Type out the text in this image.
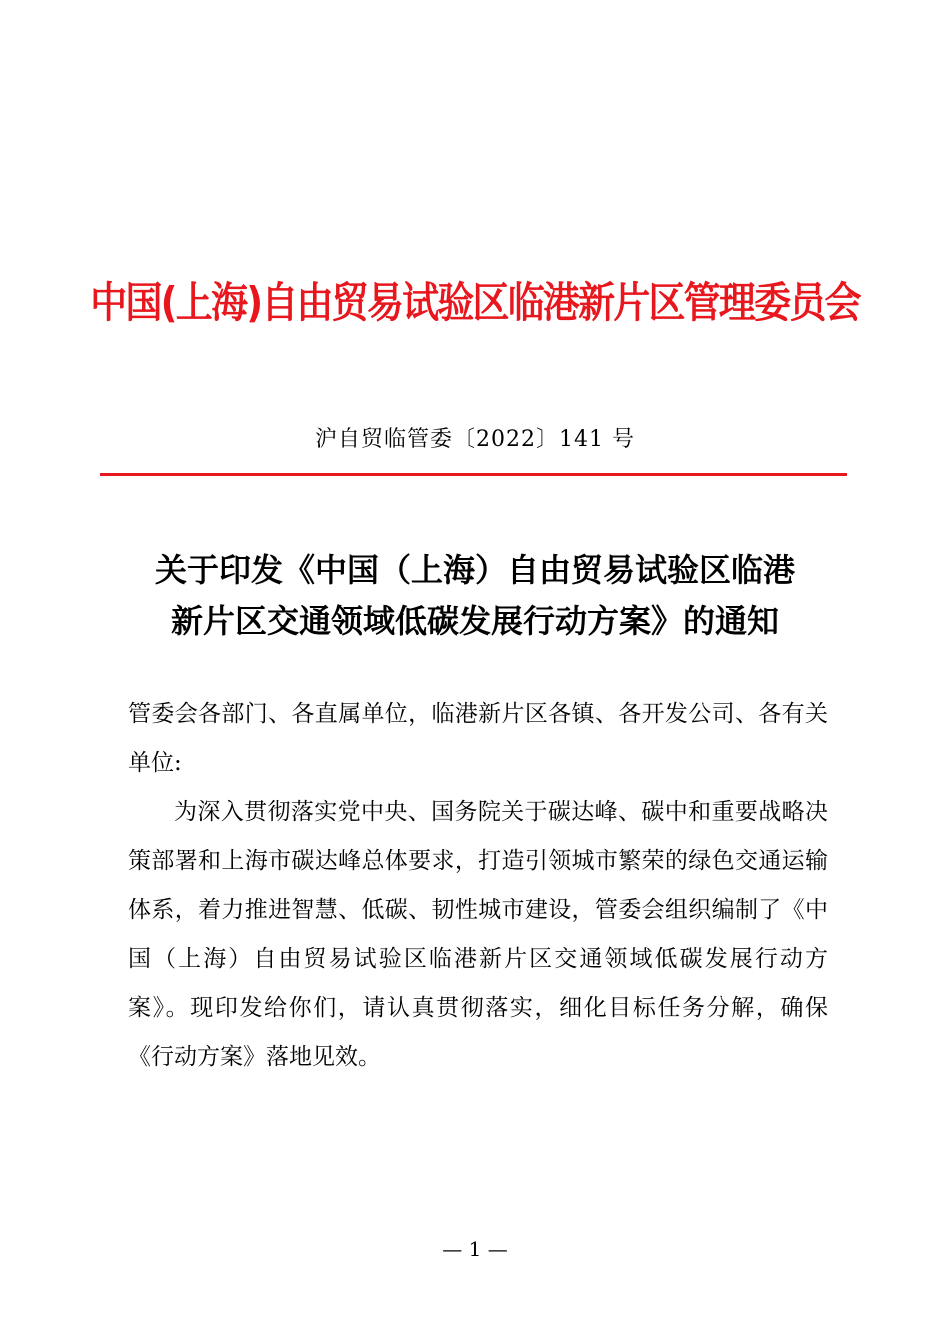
中国(上海)自由贸易试验区临港新片区管理委员会
沪自贸临管委〔2022〕141 号
关于印发《中国（上海）自由贸易试验区临港
新片区交通领域低碳发展行动方案》的通知

管委会各部门、各直属单位，临港新片区各镇、各开发公司、各有关单位:

为深入贯彻落实党中央、国务院关于碳达峰、碳中和重要战略决策部署和上海市碳达峰总体要求，打造引领城市繁荣的绿色交通运输体系，着力推进智慧、低碳、韧性城市建设，管委会组织编制了《中国（上海）自由贸易试验区临港新片区交通领域低碳发展行动方案》。现印发给你们，请认真贯彻落实，细化目标任务分解，确保《行动方案》落地见效。

— 1 —
